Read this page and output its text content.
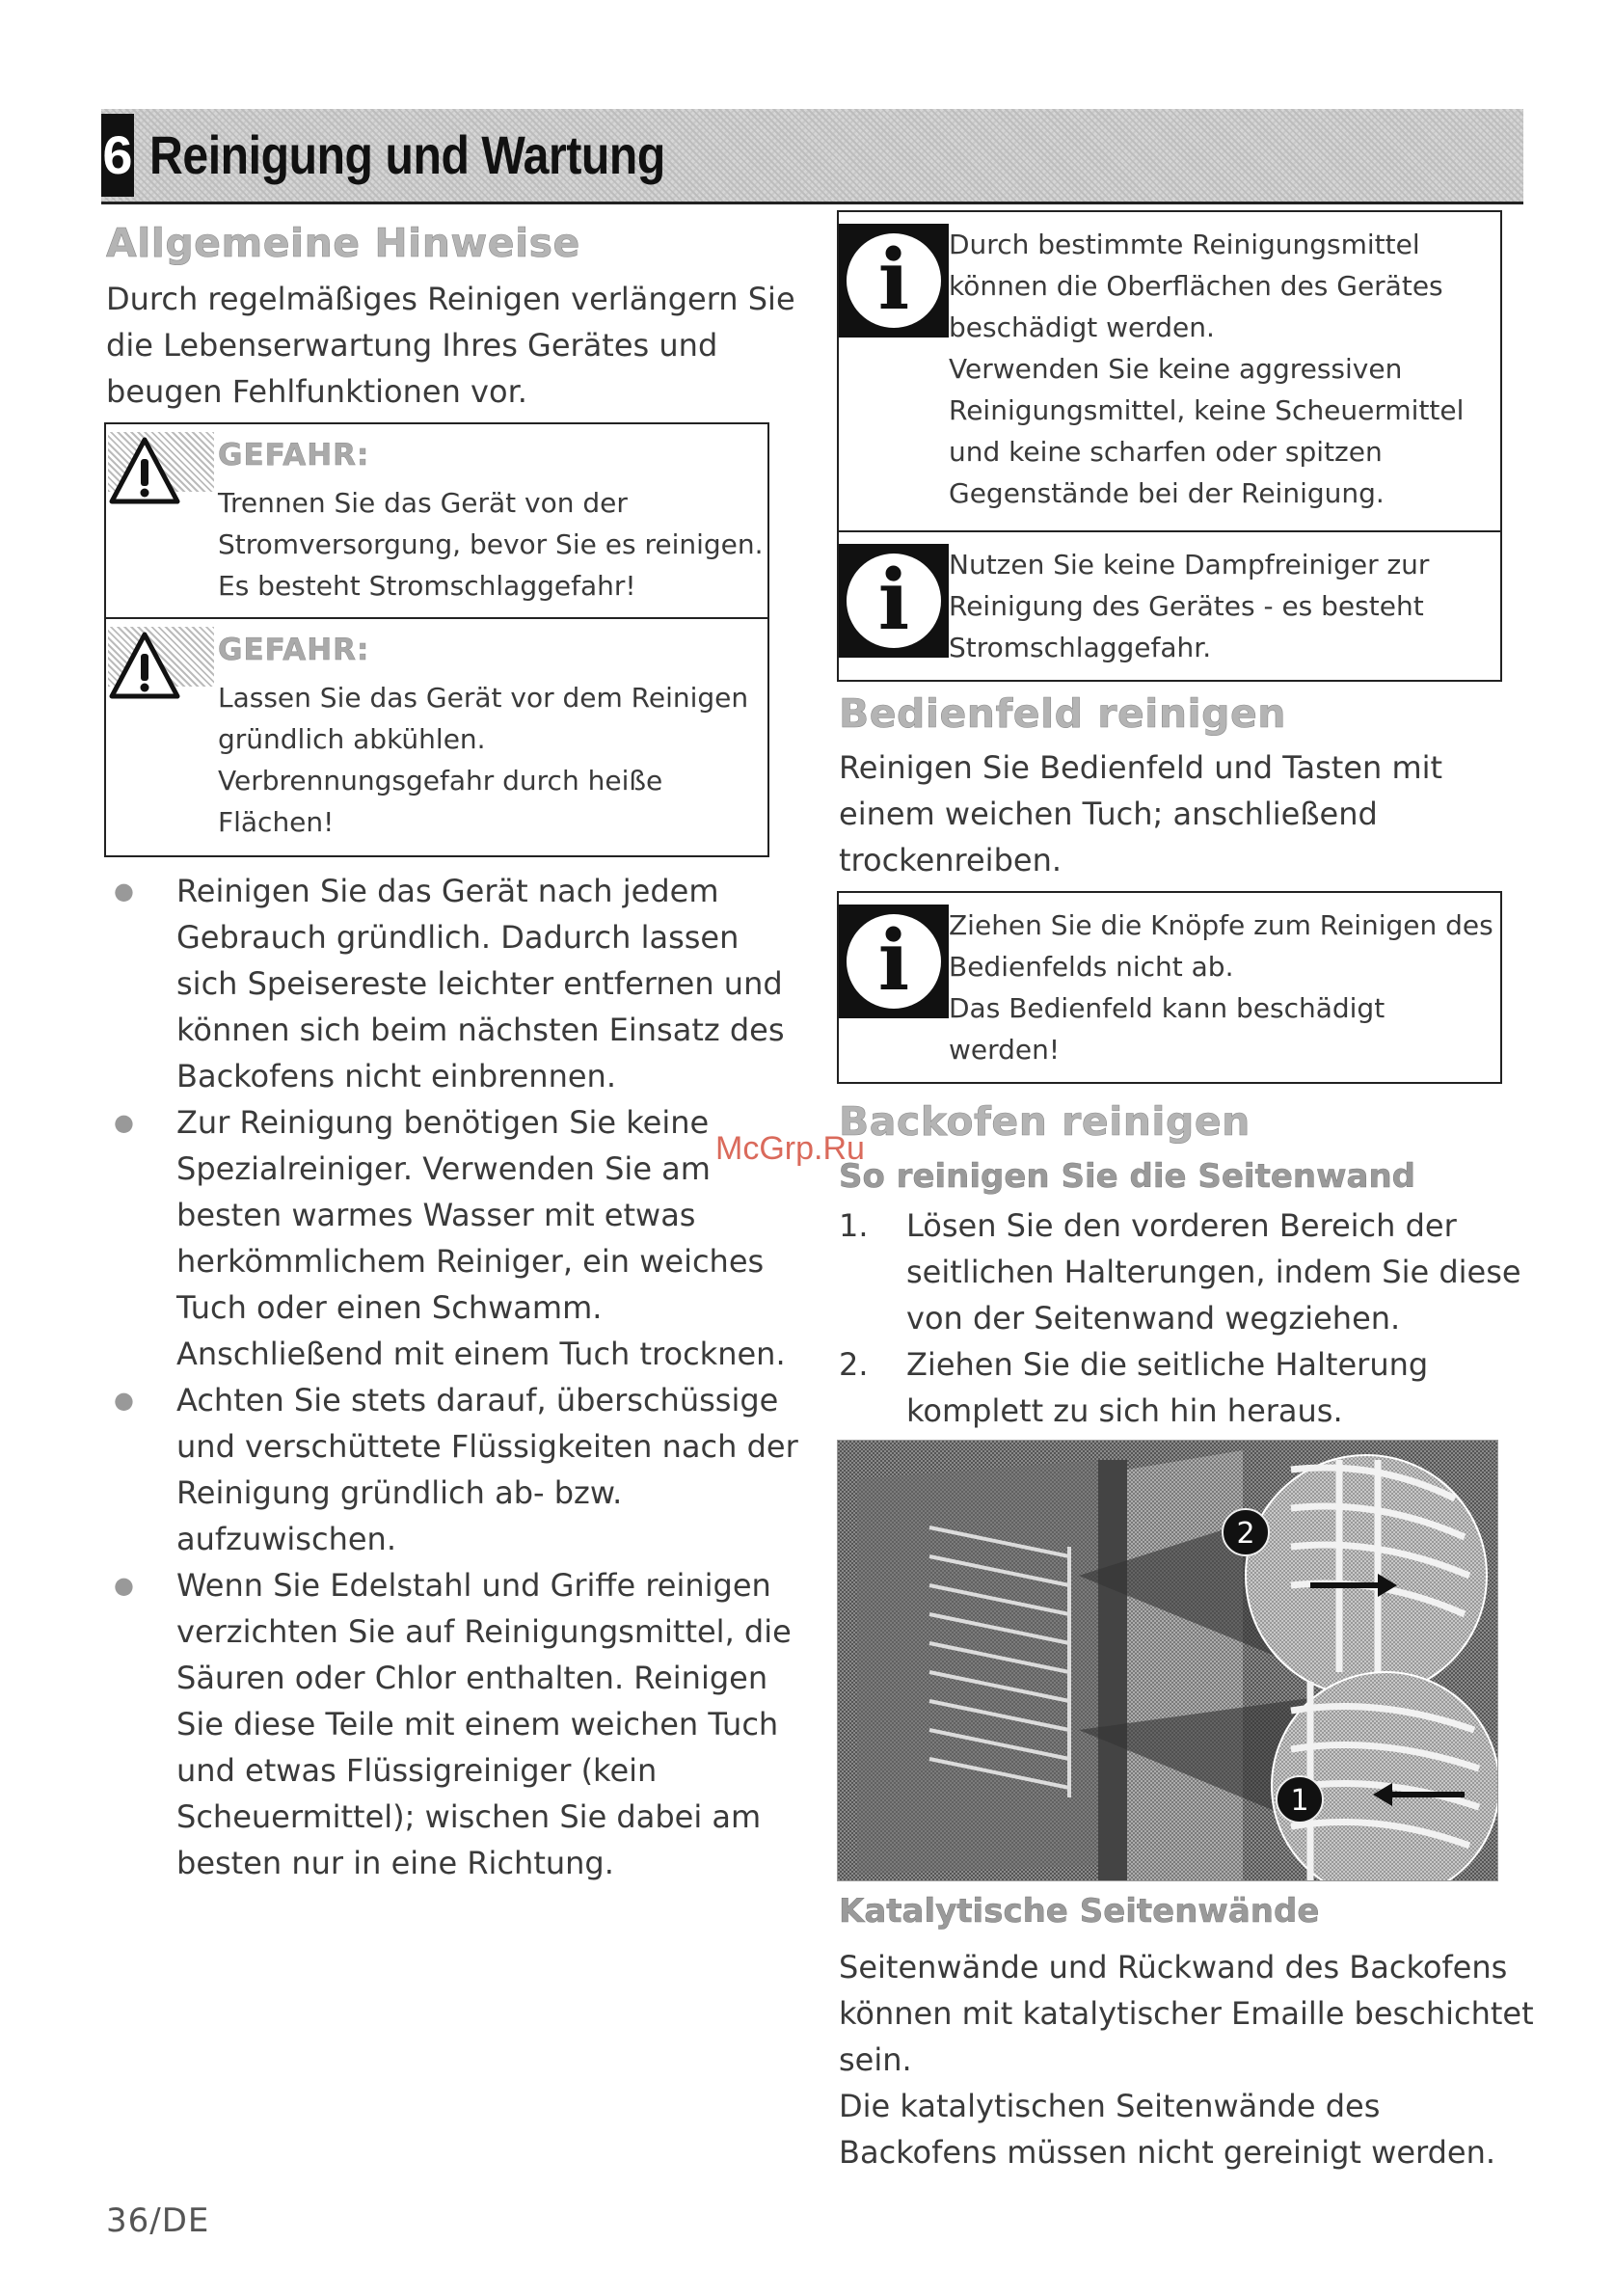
6 Reinigung und Wartung
Allgemeine Hinweise
Durch regelmäßiges Reinigen verlängern Sie
die Lebenserwartung Ihres Gerätes und
beugen Fehlfunktionen vor.
GEFAHR:
Trennen Sie das Gerät von der
Stromversorgung, bevor Sie es reinigen.
Es besteht Stromschlaggefahr!
GEFAHR:
Lassen Sie das Gerät vor dem Reinigen
gründlich abkühlen.
Verbrennungsgefahr durch heiße
Flächen!
● Reinigen Sie das Gerät nach jedem
Gebrauch gründlich. Dadurch lassen
sich Speisereste leichter entfernen und
können sich beim nächsten Einsatz des
Backofens nicht einbrennen.
● Zur Reinigung benötigen Sie keine
Spezialreiniger. Verwenden Sie am
besten warmes Wasser mit etwas
herkömmlichem Reiniger, ein weiches
Tuch oder einen Schwamm.
Anschließend mit einem Tuch trocknen.
● Achten Sie stets darauf, überschüssige
und verschüttete Flüssigkeiten nach der
Reinigung gründlich ab- bzw.
aufzuwischen.
● Wenn Sie Edelstahl und Griffe reinigen
verzichten Sie auf Reinigungsmittel, die
Säuren oder Chlor enthalten. Reinigen
Sie diese Teile mit einem weichen Tuch
und etwas Flüssigreiniger (kein
Scheuermittel); wischen Sie dabei am
besten nur in eine Richtung.
i	Durch bestimmte Reinigungsmittel
können die Oberflächen des Gerätes
beschädigt werden.
Verwenden Sie keine aggressiven
Reinigungsmittel, keine Scheuermittel
und keine scharfen oder spitzen
Gegenstände bei der Reinigung.
i	Nutzen Sie keine Dampfreiniger zur
Reinigung des Gerätes - es besteht
Stromschlaggefahr.
Bedienfeld reinigen
Reinigen Sie Bedienfeld und Tasten mit
einem weichen Tuch; anschließend
trockenreiben.
i	Ziehen Sie die Knöpfe zum Reinigen des
Bedienfelds nicht ab.
Das Bedienfeld kann beschädigt
werden!
Backofen reinigen
So reinigen Sie die Seitenwand
1. Lösen Sie den vorderen Bereich der
seitlichen Halterungen, indem Sie diese
von der Seitenwand wegziehen.
2. Ziehen Sie die seitliche Halterung
komplett zu sich hin heraus.
2
1
Katalytische Seitenwände
Seitenwände und Rückwand des Backofens
können mit katalytischer Emaille beschichtet
sein.
Die katalytischen Seitenwände des
Backofens müssen nicht gereinigt werden.
McGrp.Ru
36/DE
